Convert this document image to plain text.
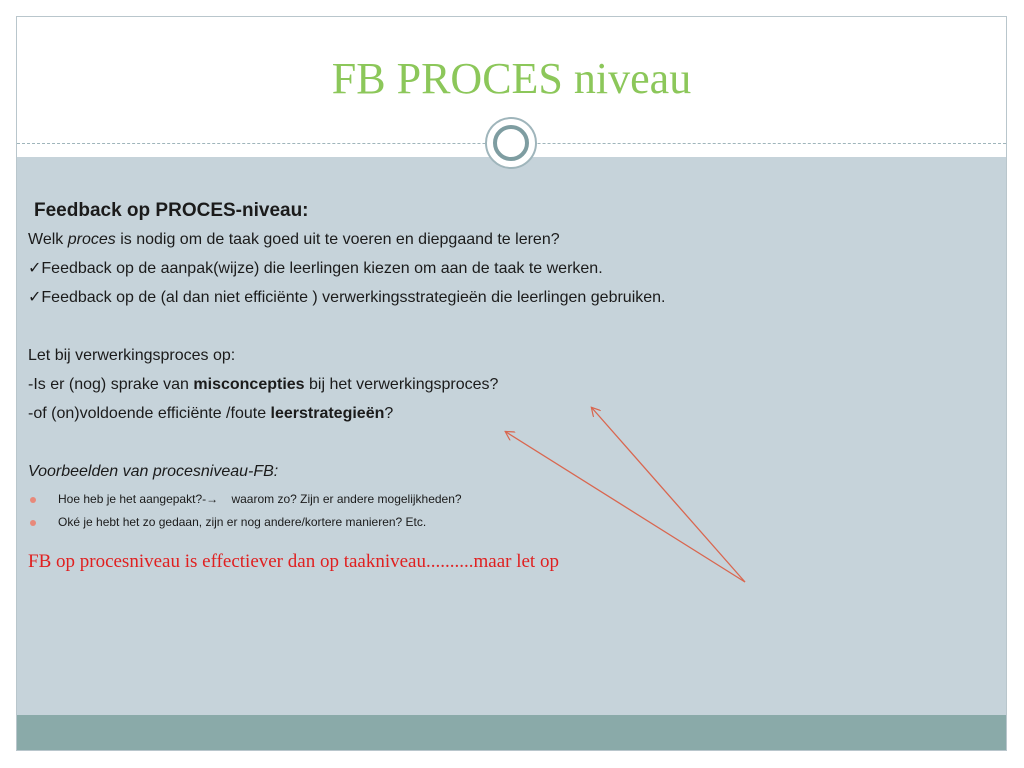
FB PROCES niveau

Feedback op PROCES-niveau:

Welk proces is nodig om de taak goed uit te voeren en diepgaand te leren?

✓Feedback op de aanpak(wijze) die leerlingen kiezen om aan de taak te werken.

✓Feedback op de (al dan niet efficiënte ) verwerkingsstrategieën die leerlingen gebruiken.

Let bij verwerkingsproces op:

-Is er (nog) sprake van misconcepties bij het verwerkingsproces?

-of (on)voldoende efficiënte /foute leerstrategieën?

Voorbeelden van procesniveau-FB:

Hoe heb je het aangepakt?-→    waarom zo? Zijn er andere mogelijkheden?
Oké je hebt het zo gedaan, zijn er nog andere/kortere manieren? Etc.

FB op procesniveau is effectiever dan op taakniveau..........maar let op
